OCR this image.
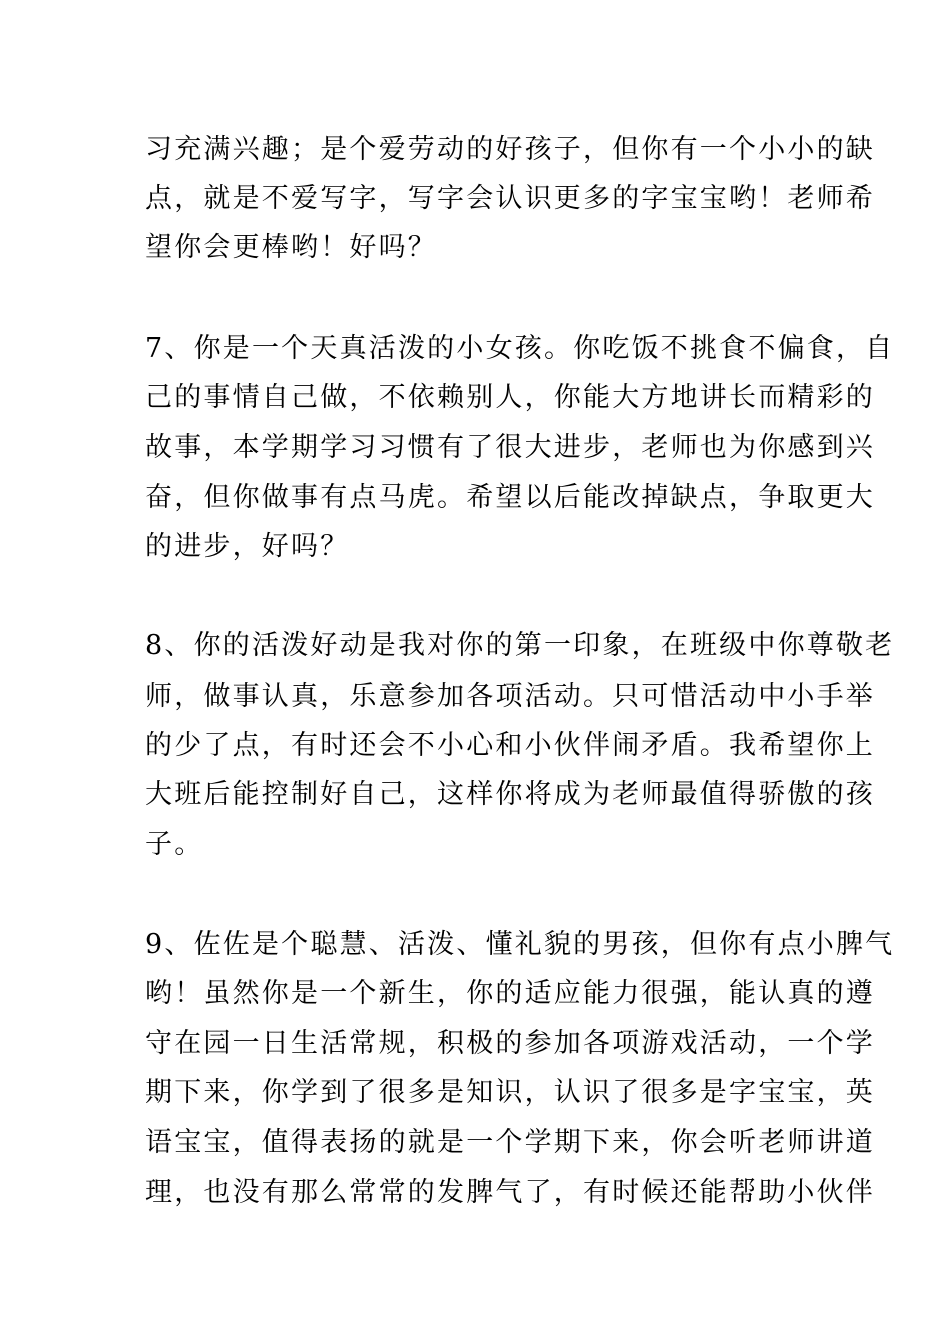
习充满兴趣；是个爱劳动的好孩子，但你有一个小小的缺
点，就是不爱写字，写字会认识更多的字宝宝哟！老师希
望你会更棒哟！好吗？
7、你是一个天真活泼的小女孩。你吃饭不挑食不偏食，自
己的事情自己做，不依赖别人，你能大方地讲长而精彩的
故事，本学期学习习惯有了很大进步，老师也为你感到兴
奋，但你做事有点马虎。希望以后能改掉缺点，争取更大
的进步，好吗？
8、你的活泼好动是我对你的第一印象，在班级中你尊敬老
师，做事认真，乐意参加各项活动。只可惜活动中小手举
的少了点，有时还会不小心和小伙伴闹矛盾。我希望你上
大班后能控制好自己，这样你将成为老师最值得骄傲的孩
子。
9、佐佐是个聪慧、活泼、懂礼貌的男孩，但你有点小脾气
哟！虽然你是一个新生，你的适应能力很强，能认真的遵
守在园一日生活常规，积极的参加各项游戏活动，一个学
期下来，你学到了很多是知识，认识了很多是字宝宝，英
语宝宝，值得表扬的就是一个学期下来，你会听老师讲道
理，也没有那么常常的发脾气了，有时候还能帮助小伙伴
